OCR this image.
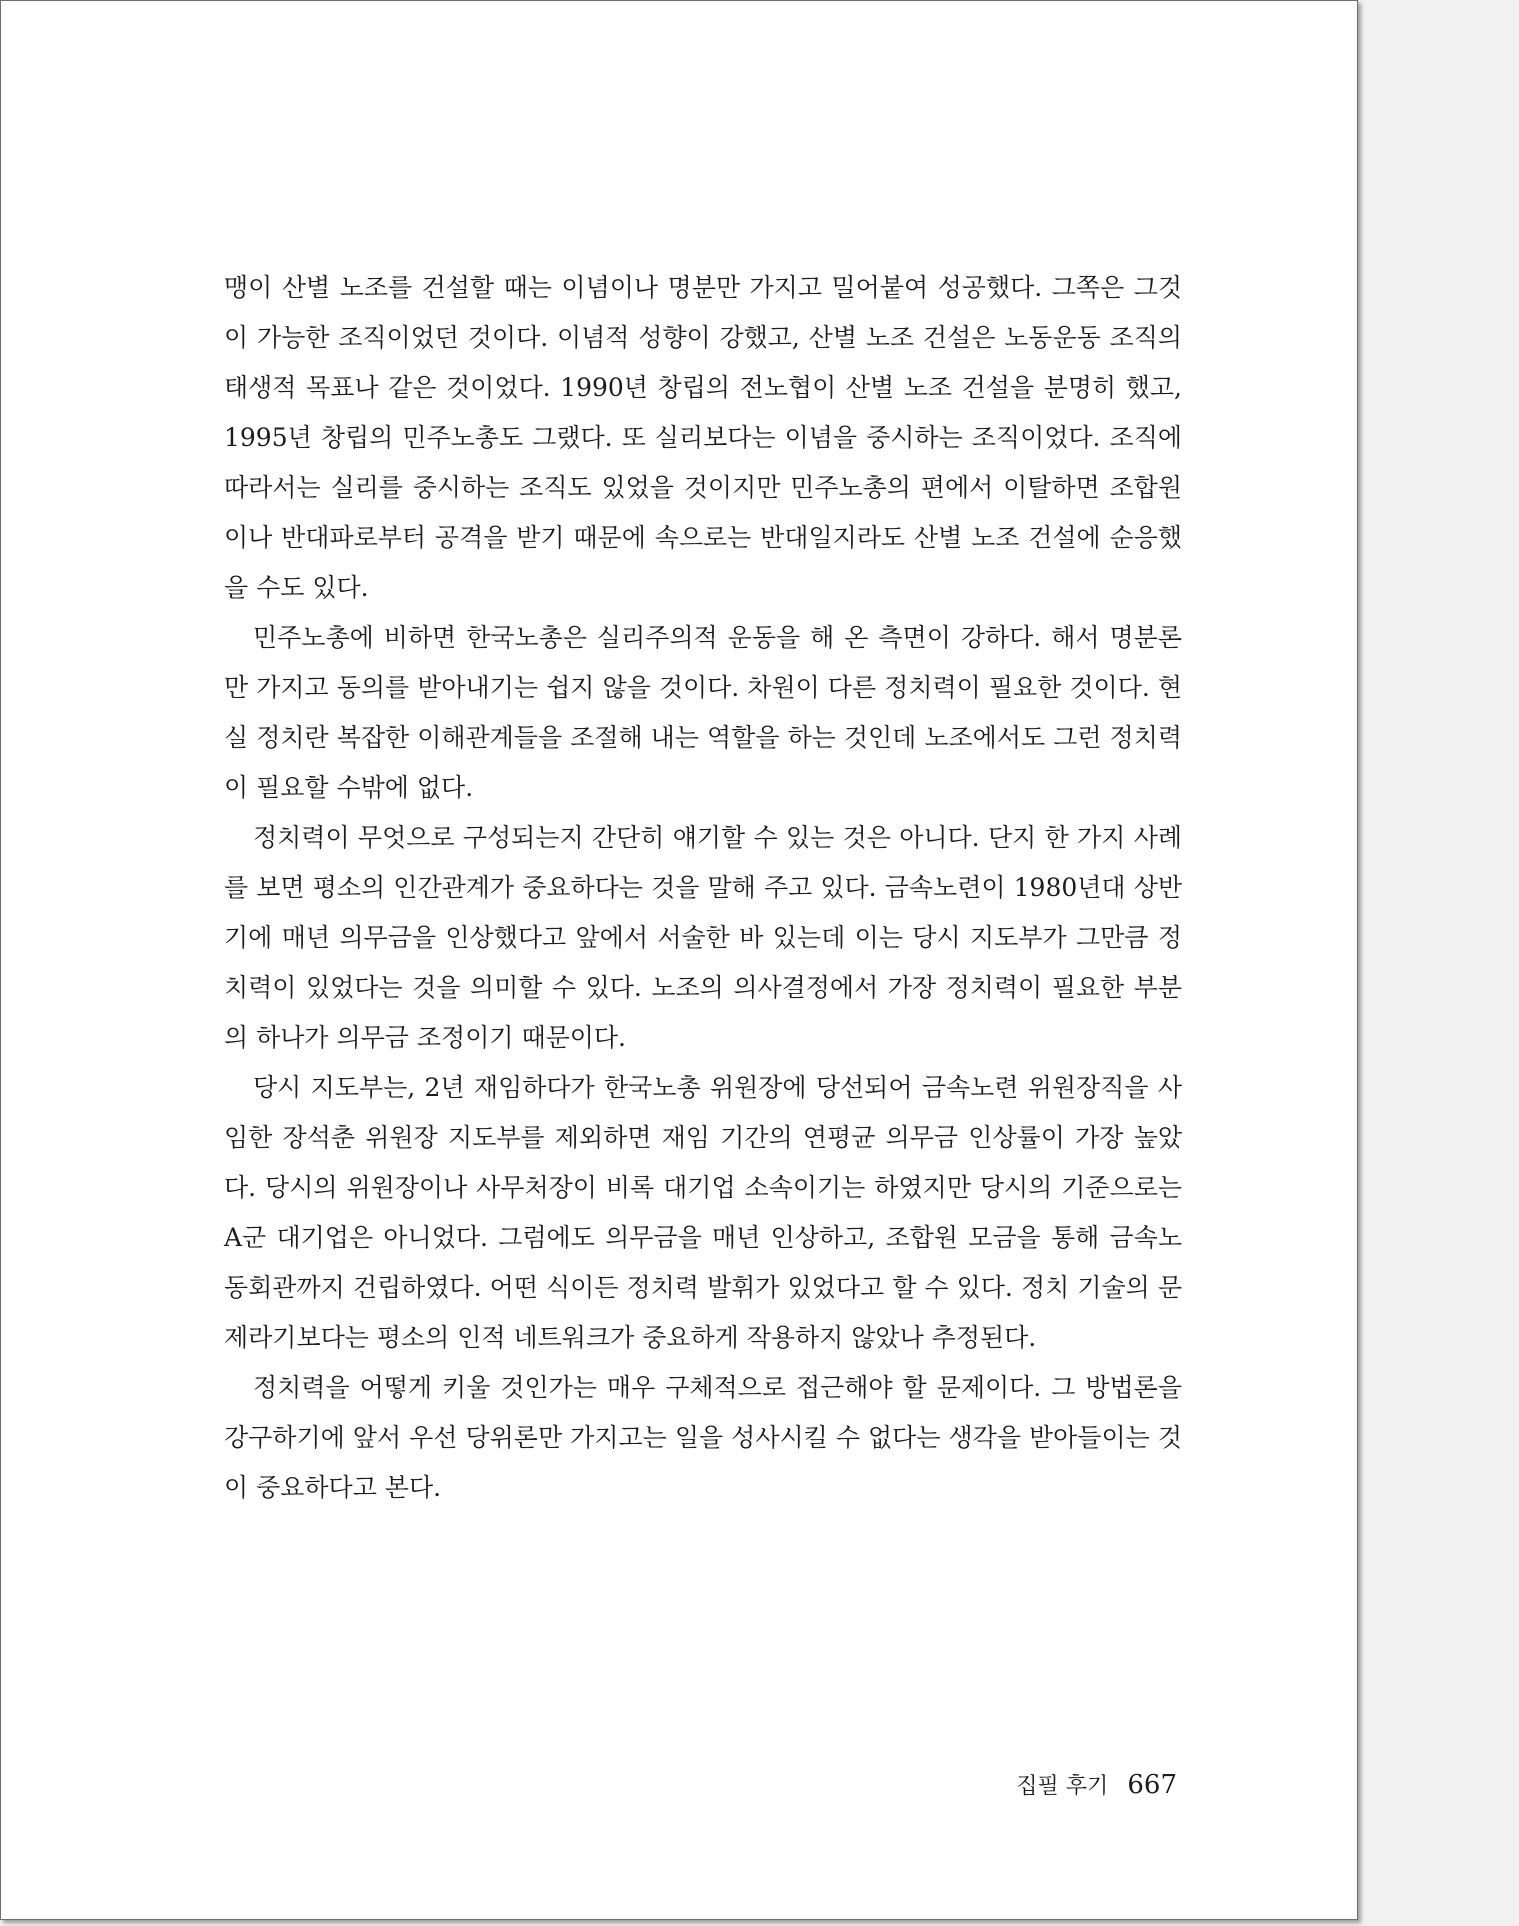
맹이 산별 노조를 건설할 때는 이념이나 명분만 가지고 밀어붙여 성공했다. 그쪽은 그것이 가능한 조직이었던 것이다. 이념적 성향이 강했고, 산별 노조 건설은 노동운동 조직의 태생적 목표나 같은 것이었다. 1990년 창립의 전노협이 산별 노조 건설을 분명히 했고, 1995년 창립의 민주노총도 그랬다. 또 실리보다는 이념을 중시하는 조직이었다. 조직에 따라서는 실리를 중시하는 조직도 있었을 것이지만 민주노총의 편에서 이탈하면 조합원이나 반대파로부터 공격을 받기 때문에 속으로는 반대일지라도 산별 노조 건설에 순응했을 수도 있다.

민주노총에 비하면 한국노총은 실리주의적 운동을 해 온 측면이 강하다. 해서 명분론만 가지고 동의를 받아내기는 쉽지 않을 것이다. 차원이 다른 정치력이 필요한 것이다. 현실 정치란 복잡한 이해관계들을 조절해 내는 역할을 하는 것인데 노조에서도 그런 정치력이 필요할 수밖에 없다.

정치력이 무엇으로 구성되는지 간단히 얘기할 수 있는 것은 아니다. 단지 한 가지 사례를 보면 평소의 인간관계가 중요하다는 것을 말해 주고 있다. 금속노련이 1980년대 상반기에 매년 의무금을 인상했다고 앞에서 서술한 바 있는데 이는 당시 지도부가 그만큼 정치력이 있었다는 것을 의미할 수 있다. 노조의 의사결정에서 가장 정치력이 필요한 부분의 하나가 의무금 조정이기 때문이다.

당시 지도부는, 2년 재임하다가 한국노총 위원장에 당선되어 금속노련 위원장직을 사임한 장석춘 위원장 지도부를 제외하면 재임 기간의 연평균 의무금 인상률이 가장 높았다. 당시의 위원장이나 사무처장이 비록 대기업 소속이기는 하였지만 당시의 기준으로는 A군 대기업은 아니었다. 그럼에도 의무금을 매년 인상하고, 조합원 모금을 통해 금속노동회관까지 건립하였다. 어떤 식이든 정치력 발휘가 있었다고 할 수 있다. 정치 기술의 문제라기보다는 평소의 인적 네트워크가 중요하게 작용하지 않았나 추정된다.

정치력을 어떻게 키울 것인가는 매우 구체적으로 접근해야 할 문제이다. 그 방법론을 강구하기에 앞서 우선 당위론만 가지고는 일을 성사시킬 수 없다는 생각을 받아들이는 것이 중요하다고 본다.

집필 후기 667
